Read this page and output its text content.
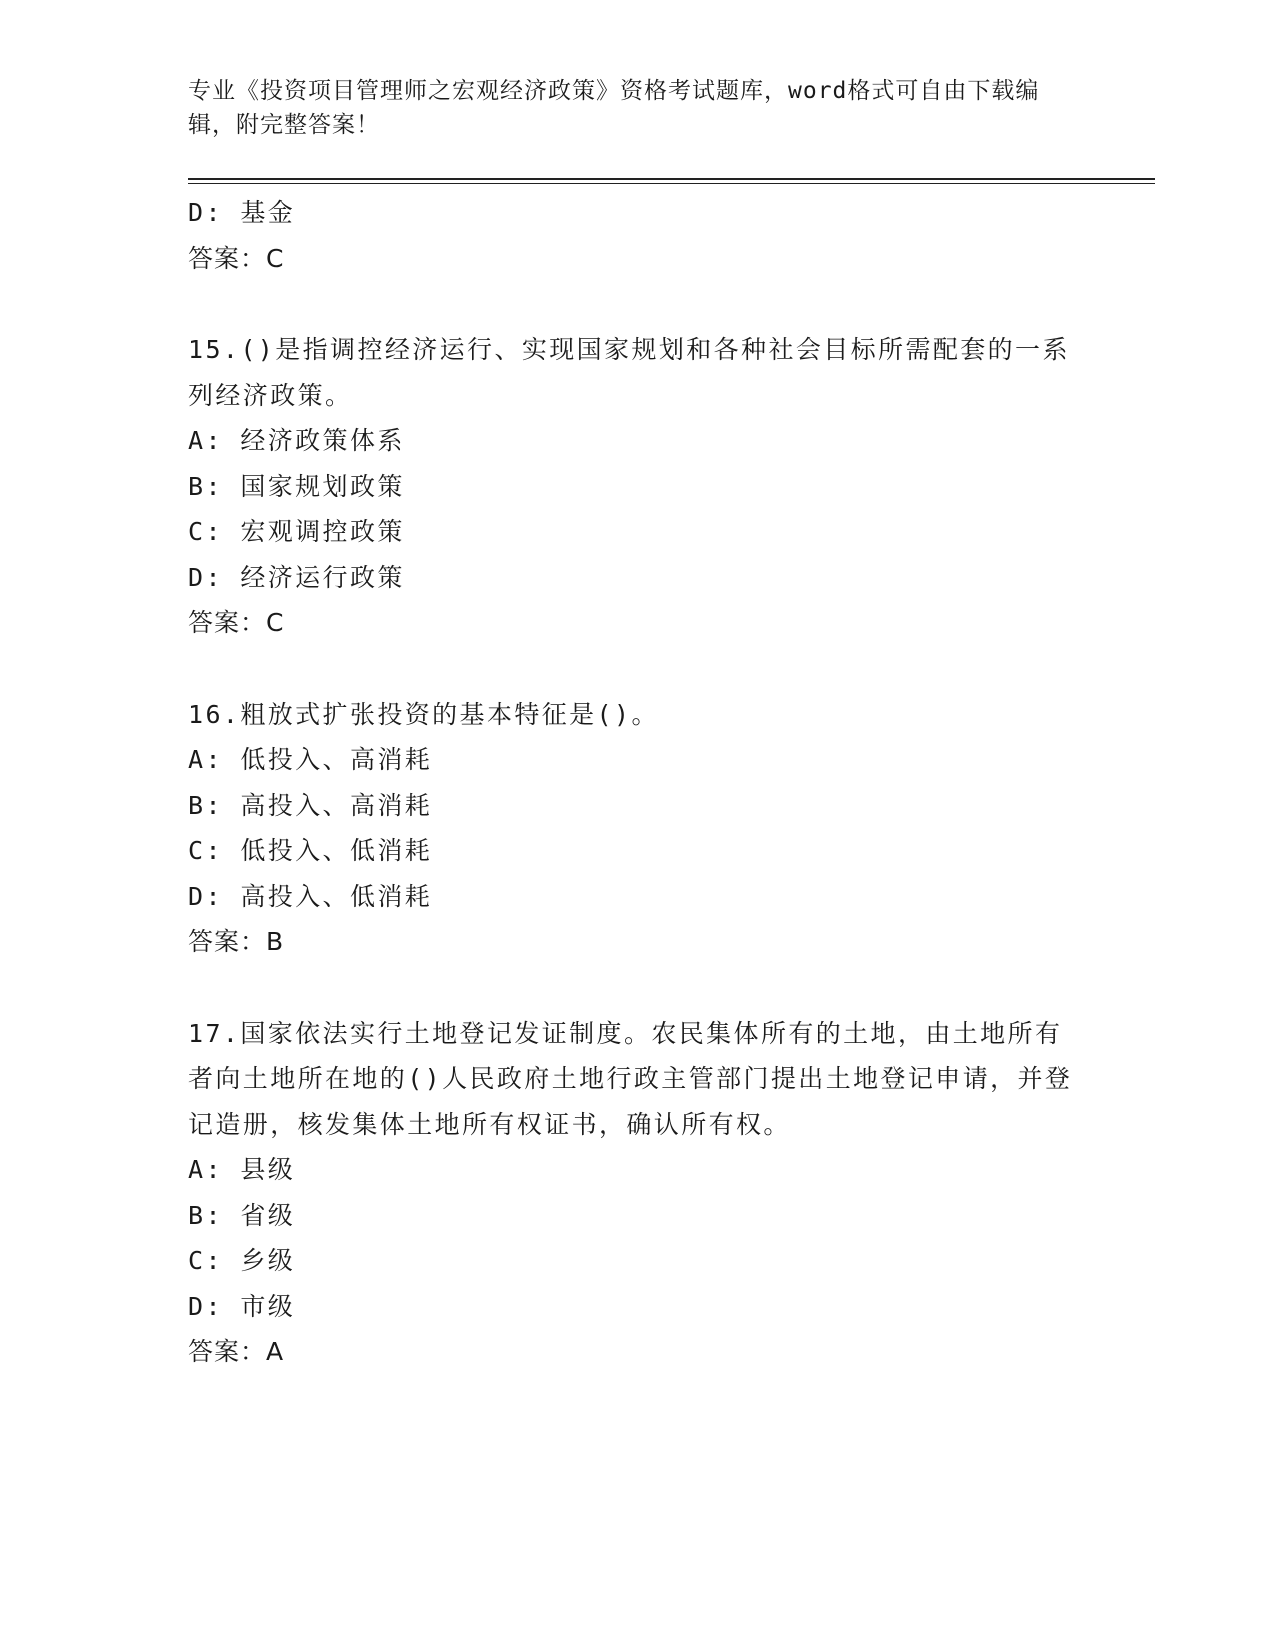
专业《投资项目管理师之宏观经济政策》资格考试题库，word格式可自由下载编辑，附完整答案！
D: 基金
答案：C
15.()是指调控经济运行、实现国家规划和各种社会目标所需配套的一系列经济政策。
A: 经济政策体系
B: 国家规划政策
C: 宏观调控政策
D: 经济运行政策
答案：C
16.粗放式扩张投资的基本特征是()。
A: 低投入、高消耗
B: 高投入、高消耗
C: 低投入、低消耗
D: 高投入、低消耗
答案：B
17.国家依法实行土地登记发证制度。农民集体所有的土地，由土地所有者向土地所在地的()人民政府土地行政主管部门提出土地登记申请，并登记造册，核发集体土地所有权证书，确认所有权。
A: 县级
B: 省级
C: 乡级
D: 市级
答案：A
